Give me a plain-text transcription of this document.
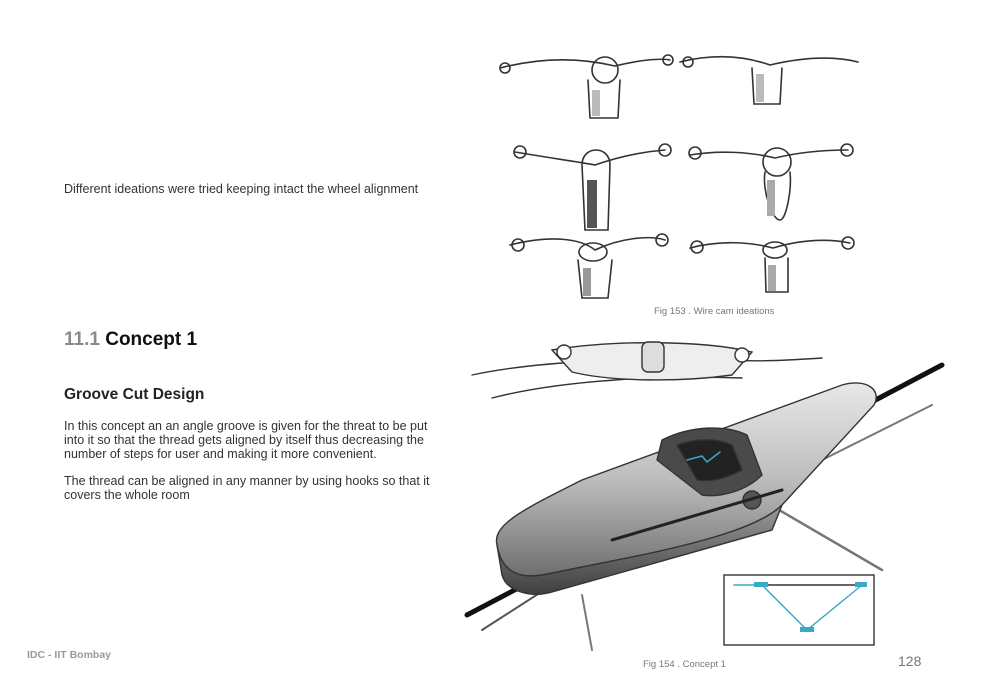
Different ideations were tried keeping intact the wheel alignment
11.1 Concept 1
Groove Cut Design
In this concept an an angle groove is given for the threat to be put into it so that the thread gets aligned by itself thus decreasing the number of steps for user and making it more convenient.
The thread can be aligned in any manner by using hooks so that it covers the whole room
Fig 153 . Wire cam ideations
Fig 154 . Concept 1
IDC - IIT Bombay	128
